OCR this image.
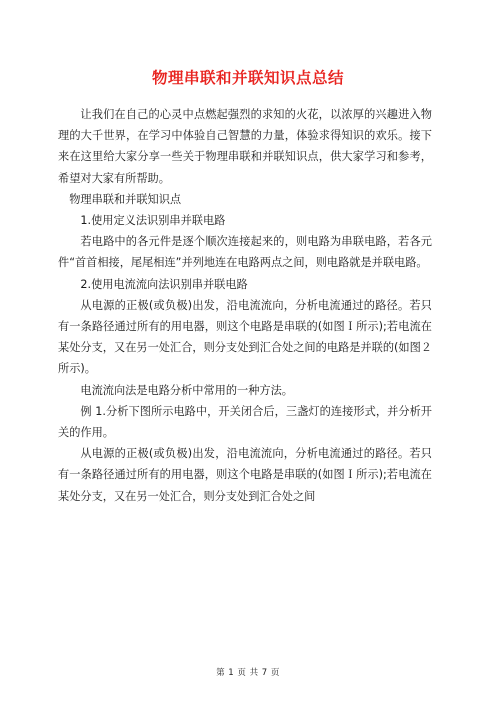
物理串联和并联知识点总结

让我们在自己的心灵中点燃起强烈的求知的火花，以浓厚的兴趣进入物理的大千世界，在学习中体验自己智慧的力量，体验求得知识的欢乐。接下来在这里给大家分享一些关于物理串联和并联知识点，供大家学习和参考，希望对大家有所帮助。

物理串联和并联知识点

1.使用定义法识别串并联电路

若电路中的各元件是逐个顺次连接起来的，则电路为串联电路，若各元件“首首相接，尾尾相连”并列地连在电路两点之间，则电路就是并联电路。

2.使用电流流向法识别串并联电路

从电源的正极(或负极)出发，沿电流流向，分析电流通过的路径。若只有一条路径通过所有的用电器，则这个电路是串联的(如图Ｉ所示);若电流在某处分支，又在另一处汇合，则分支处到汇合处之间的电路是并联的(如图２所示)。

电流流向法是电路分析中常用的一种方法。

例 1.分析下图所示电路中，开关闭合后，三盏灯的连接形式，并分析开关的作用。

从电源的正极(或负极)出发，沿电流流向，分析电流通过的路径。若只有一条路径通过所有的用电器，则这个电路是串联的(如图Ｉ所示);若电流在某处分支，又在另一处汇合，则分支处到汇合处之间

第 1 页 共 7 页
